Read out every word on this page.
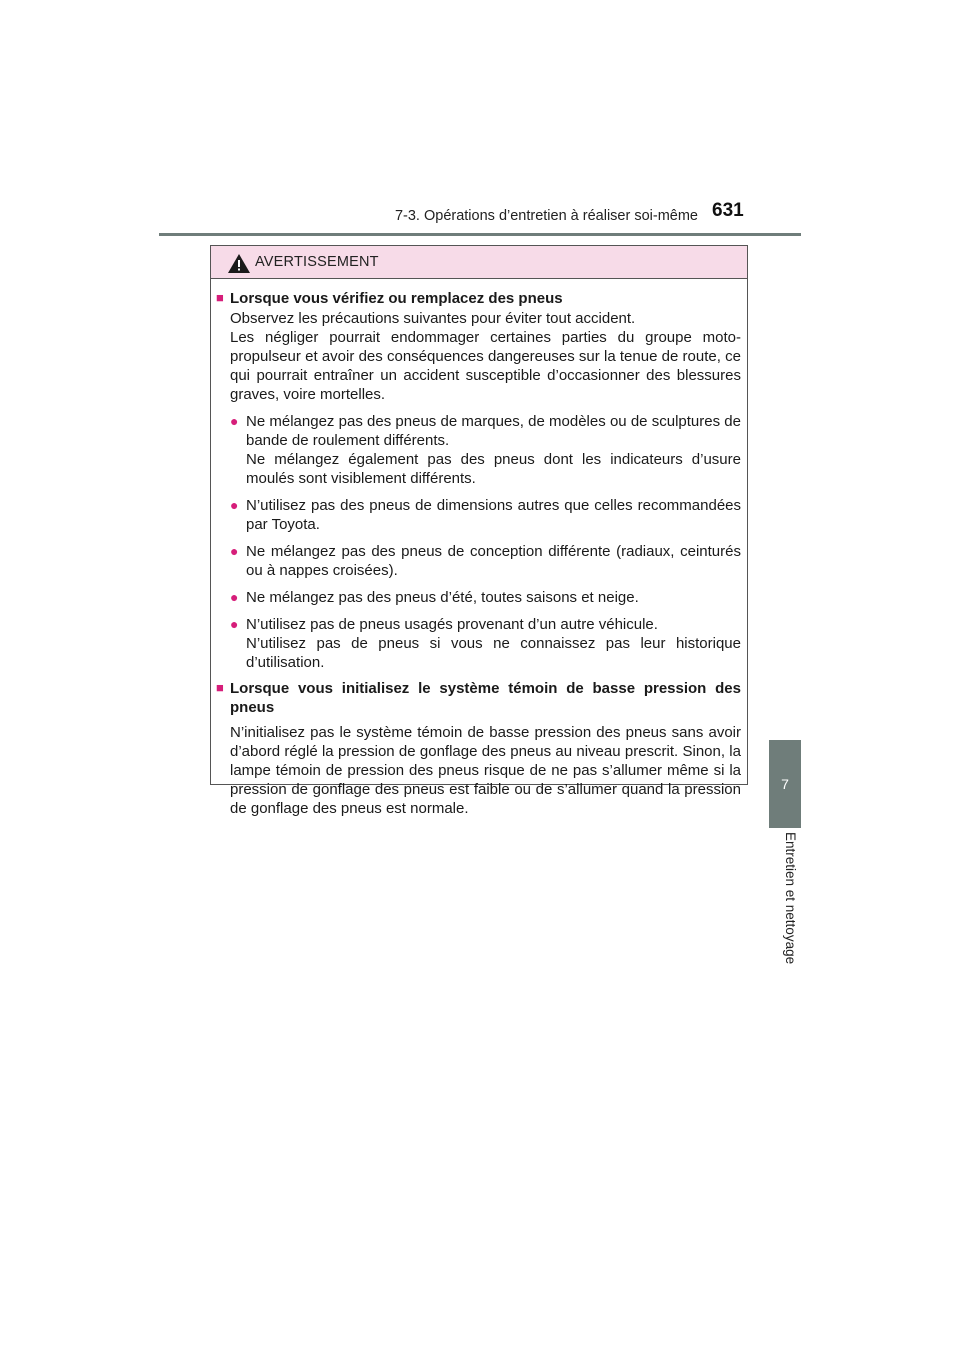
7-3. Opérations d’entretien à réaliser soi-même 631
7
Entretien et nettoyage
AVERTISSEMENT
■ Lorsque vous vérifiez ou remplacez des pneus
Observez les précautions suivantes pour éviter tout accident.
Les négliger pourrait endommager certaines parties du groupe moto-propulseur et avoir des conséquences dangereuses sur la tenue de route, ce qui pourrait entraîner un accident susceptible d’occasionner des blessures graves, voire mortelles.
● Ne mélangez pas des pneus de marques, de modèles ou de sculptures de bande de roulement différents.
Ne mélangez également pas des pneus dont les indicateurs d’usure moulés sont visiblement différents.
● N’utilisez pas des pneus de dimensions autres que celles recommandées par Toyota.
● Ne mélangez pas des pneus de conception différente (radiaux, ceinturés ou à nappes croisées).
● Ne mélangez pas des pneus d’été, toutes saisons et neige.
● N’utilisez pas de pneus usagés provenant d’un autre véhicule.
N’utilisez pas de pneus si vous ne connaissez pas leur historique d’utilisation.
■ Lorsque vous initialisez le système témoin de basse pression des pneus
N’initialisez pas le système témoin de basse pression des pneus sans avoir d’abord réglé la pression de gonflage des pneus au niveau prescrit. Sinon, la lampe témoin de pression des pneus risque de ne pas s’allumer même si la pression de gonflage des pneus est faible ou de s’allumer quand la pression de gonflage des pneus est normale.
